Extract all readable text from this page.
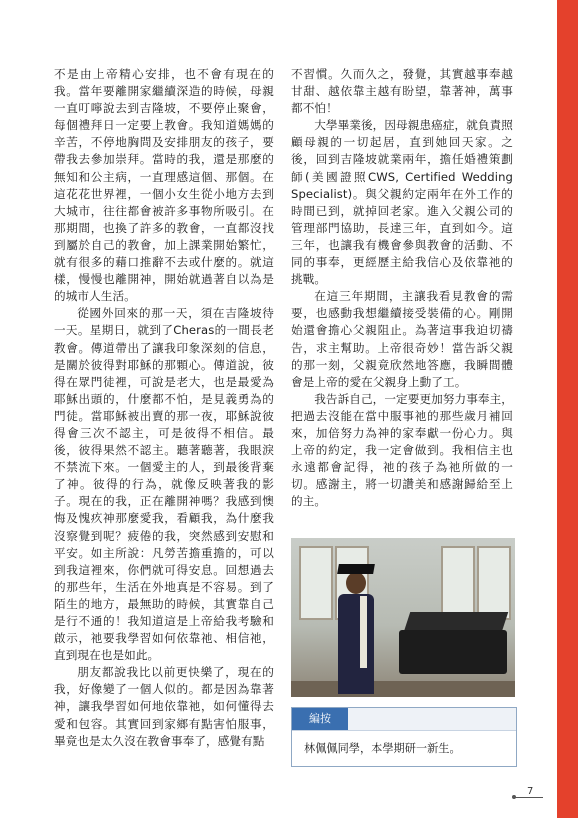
不是由上帝精心安排，也不會有現在的我。當年要離開家繼續深造的時候，母親一直叮嚀說去到吉隆坡，不要停止聚會，每個禮拜日一定要上教會。我知道媽媽的辛苦，不停地胸問及安排朋友的孩子，要帶我去參加崇拜。當時的我，還是那麼的無知和公主病，一直理感這個、那個。在這花花世界裡，一個小女生從小地方去到大城市，往往都會被許多事物所吸引。在那期間，也換了許多的教會，一直都沒找到屬於自己的教會，加上課業開始繁忙，就有很多的藉口推辭不去或什麼的。就這樣，慢慢也離開神，開始就過著自以為是的城市人生活。

從國外回來的那一天，須在吉隆坡待一天。星期日，就到了Cheras的一間長老教會。傳道帶出了讓我印象深刻的信息，是關於彼得對耶穌的那顆心。傳道說，彼得在眾門徒裡，可說是老大，也是最愛為耶穌出頭的，什麼都不怕，是見義勇為的門徒。當耶穌被出賣的那一夜，耶穌說彼得會三次不認主，可是彼得不相信。最後，彼得果然不認主。聽著聽著，我眼淚不禁流下來。一個愛主的人，到最後背棄了神。彼得的行為，就像反映著我的影子。現在的我，正在離開神嗎？我感到懊悔及愧疚神那麼愛我，看顧我，為什麼我沒察覺到呢？疲倦的我，突然感到安慰和平安。如主所說：凡勞苦擔重擔的，可以到我這裡來，你們就可得安息。回想過去的那些年，生活在外地真是不容易。到了陌生的地方，最無助的時候，其實靠自己是行不通的！我知道這是上帝給我考驗和啟示，祂要我學習如何依靠祂、相信祂，直到現在也是如此。

朋友都說我比以前更快樂了，現在的我，好像變了一個人似的。都是因為靠著神，讓我學習如何地依靠祂，如何懂得去愛和包容。其實回到家鄉有點害怕服事，畢竟也是太久沒在教會事奉了，感覺有點

不習慣。久而久之，發覺，其實越事奉越甘甜、越依靠主越有盼望，靠著神，萬事都不怕！

大學畢業後，因母親患癌症，就負責照顧母親的一切起居，直到她回天家。之後，回到吉隆坡就業兩年，擔任婚禮策劃師(美國證照CWS, Certified Wedding Specialist)。與父親約定兩年在外工作的時間已到，就掉回老家。進入父親公司的管理部門協助，長達三年，直到如今。這三年，也讓我有機會參與教會的活動、不同的事奉，更經歷主給我信心及依靠祂的挑戰。

在這三年期間，主讓我看見教會的需要，也感動我想繼續接受裝備的心。剛開始還會擔心父親阻止。為著這事我迫切禱告，求主幫助。上帝很奇妙！當告訴父親的那一刻，父親竟欣然地答應，我瞬間體會是上帝的愛在父親身上動了工。

我告訴自己，一定要更加努力事奉主，把過去沒能在當中服事祂的那些歲月補回來，加倍努力為神的家奉獻一份心力。與上帝的約定，我一定會做到。我相信主也永遠都會記得，祂的孩子為祂所做的一切。感謝主，將一切讚美和感謝歸給至上的主。

編按
林佩佩同學，本學期研一新生。
7
